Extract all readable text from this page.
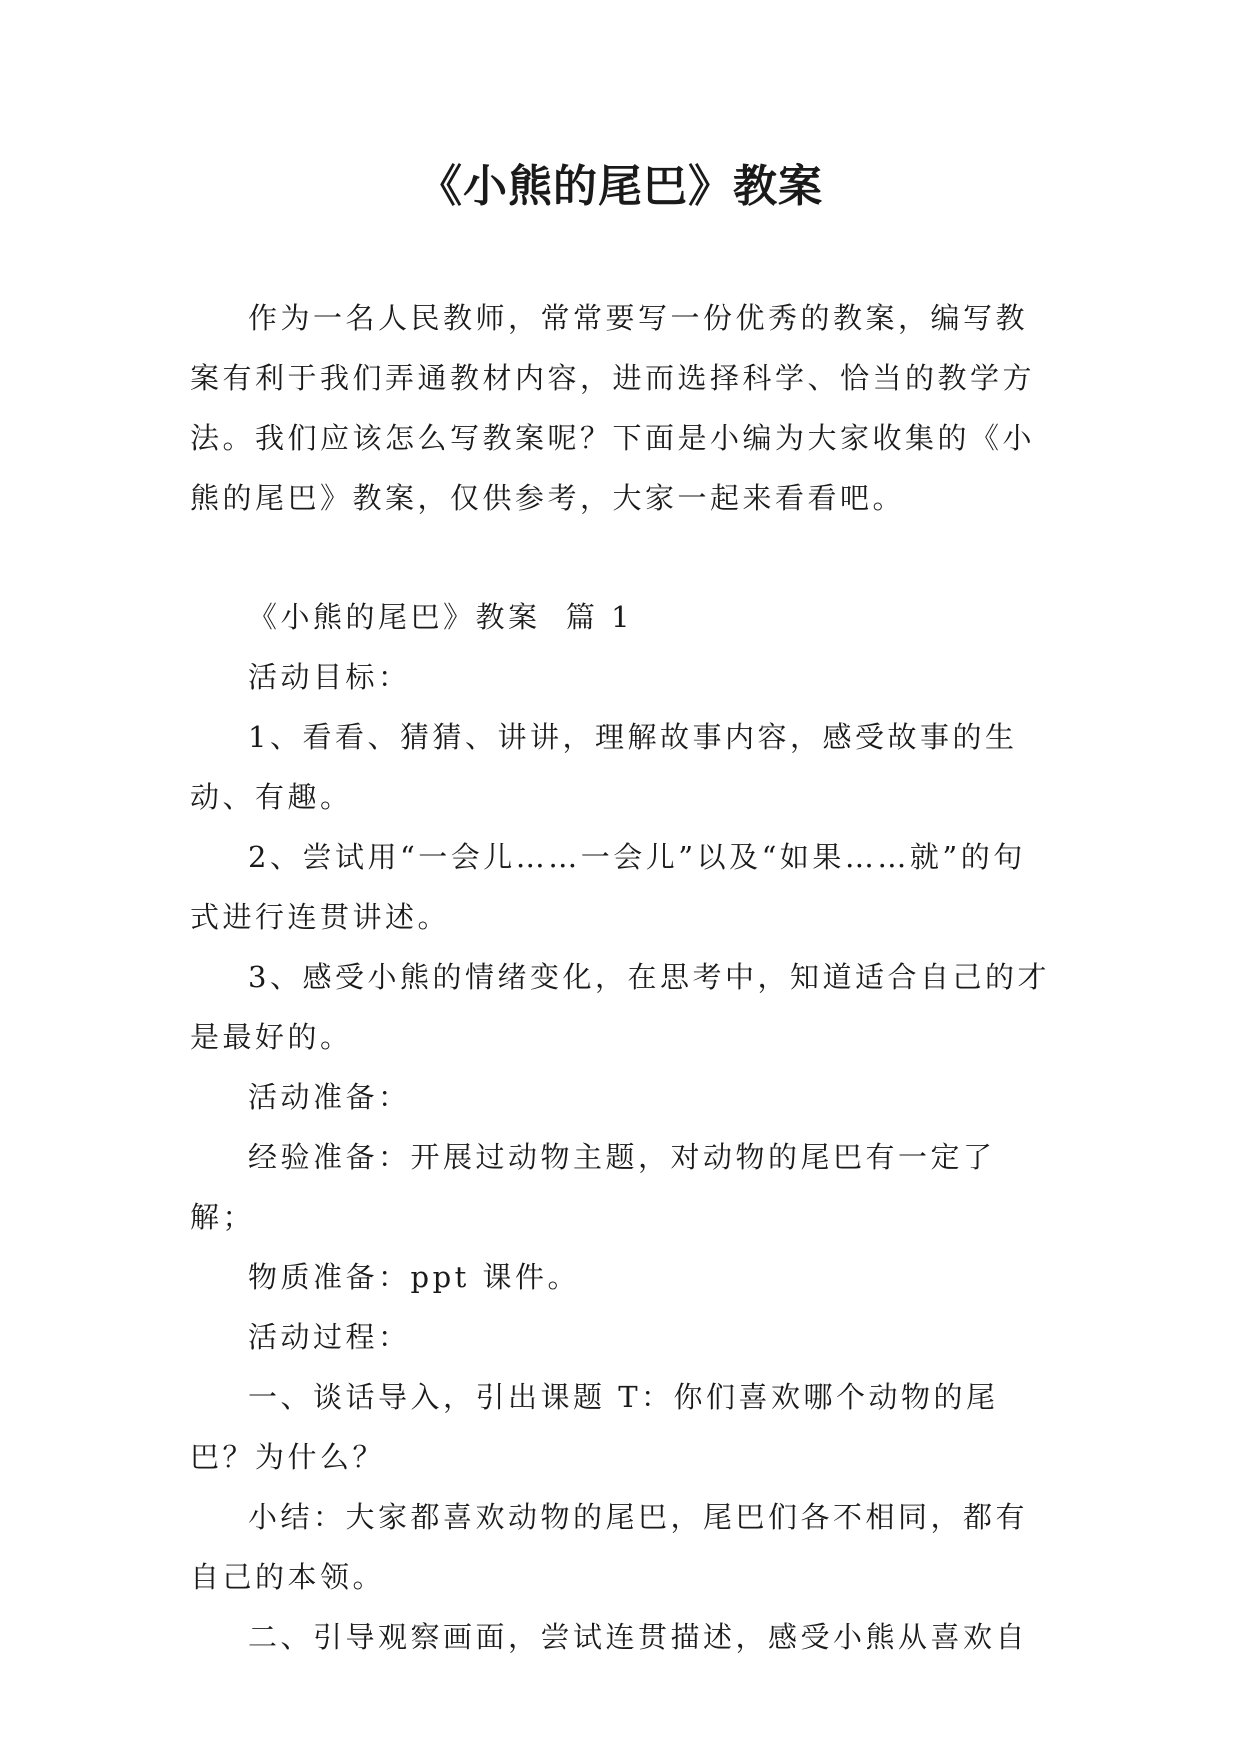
《小熊的尾巴》教案

作为一名人民教师，常常要写一份优秀的教案，编写教案有利于我们弄通教材内容，进而选择科学、恰当的教学方法。我们应该怎么写教案呢？下面是小编为大家收集的《小熊的尾巴》教案，仅供参考，大家一起来看看吧。

《小熊的尾巴》教案  篇 1

活动目标：

1、看看、猜猜、讲讲，理解故事内容，感受故事的生动、有趣。

2、尝试用“一会儿……一会儿”以及“如果……就”的句式进行连贯讲述。

3、感受小熊的情绪变化，在思考中，知道适合自己的才是最好的。

活动准备：

经验准备：开展过动物主题，对动物的尾巴有一定了解；

物质准备：ppt 课件。

活动过程：

一、谈话导入，引出课题 T：你们喜欢哪个动物的尾巴？为什么？

小结：大家都喜欢动物的尾巴，尾巴们各不相同，都有自己的本领。

二、引导观察画面，尝试连贯描述，感受小熊从喜欢自
